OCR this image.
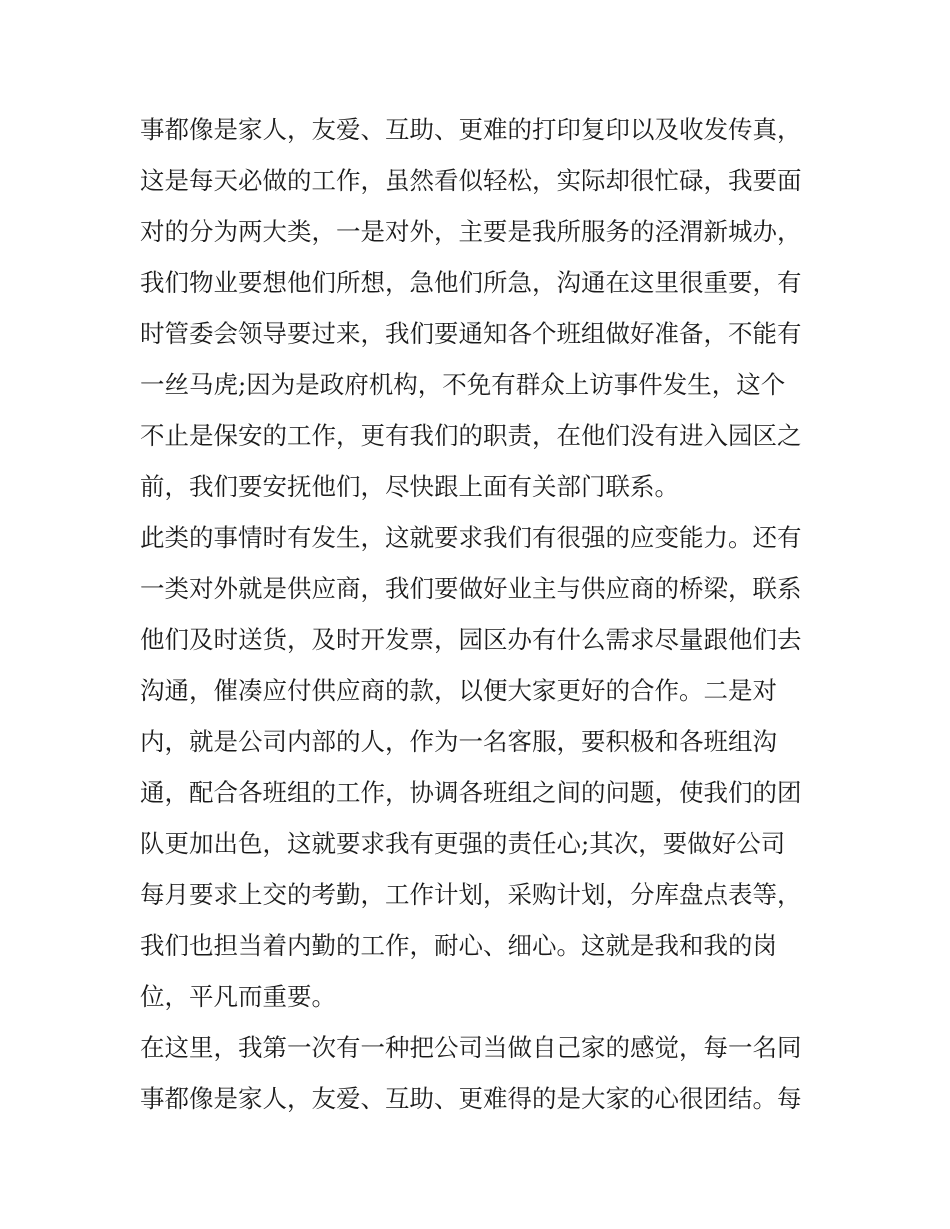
事都像是家人，友爱、互助、更难的打印复印以及收发传真，
这是每天必做的工作，虽然看似轻松，实际却很忙碌，我要面
对的分为两大类，一是对外，主要是我所服务的泾渭新城办，
我们物业要想他们所想，急他们所急，沟通在这里很重要，有
时管委会领导要过来，我们要通知各个班组做好准备，不能有
一丝马虎;因为是政府机构，不免有群众上访事件发生，这个
不止是保安的工作，更有我们的职责，在他们没有进入园区之
前，我们要安抚他们，尽快跟上面有关部门联系。
此类的事情时有发生，这就要求我们有很强的应变能力。还有
一类对外就是供应商，我们要做好业主与供应商的桥梁，联系
他们及时送货，及时开发票，园区办有什么需求尽量跟他们去
沟通，催凑应付供应商的款，以便大家更好的合作。二是对
内，就是公司内部的人，作为一名客服，要积极和各班组沟
通，配合各班组的工作，协调各班组之间的问题，使我们的团
队更加出色，这就要求我有更强的责任心;其次，要做好公司
每月要求上交的考勤，工作计划，采购计划，分库盘点表等，
我们也担当着内勤的工作，耐心、细心。这就是我和我的岗
位，平凡而重要。
在这里，我第一次有一种把公司当做自己家的感觉，每一名同
事都像是家人，友爱、互助、更难得的是大家的心很团结。每
